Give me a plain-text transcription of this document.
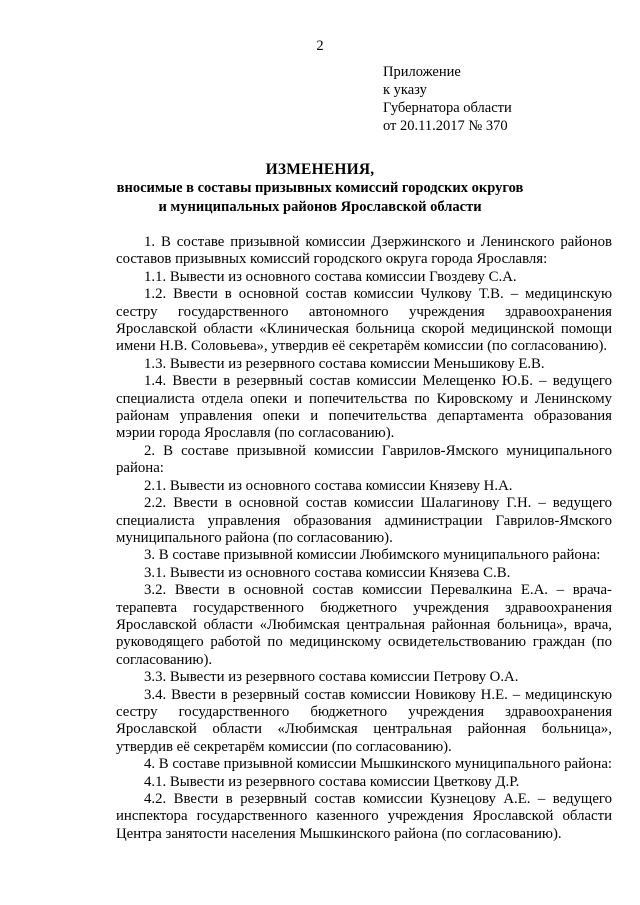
2
Приложение
к указу
Губернатора области
от 20.11.2017 № 370
ИЗМЕНЕНИЯ,
вносимые в составы призывных комиссий городских округов
и муниципальных районов Ярославской области

1. В составе призывной комиссии Дзержинского и Ленинского районов составов призывных комиссий городского округа города Ярославля:

1.1. Вывести из основного состава комиссии Гвоздеву С.А.

1.2. Ввести в основной состав комиссии Чулкову Т.В. – медицинскую сестру государственного автономного учреждения здравоохранения Ярославской области «Клиническая больница скорой медицинской помощи имени Н.В. Соловьева», утвердив её секретарём комиссии (по согласованию).

1.3. Вывести из резервного состава комиссии Меньшикову Е.В.

1.4. Ввести в резервный состав комиссии Мелещенко Ю.Б. – ведущего специалиста отдела опеки и попечительства по Кировскому и Ленинскому районам управления опеки и попечительства департамента образования мэрии города Ярославля (по согласованию).

2. В составе призывной комиссии Гаврилов-Ямского муниципального района:

2.1. Вывести из основного состава комиссии Князеву Н.А.

2.2. Ввести в основной состав комиссии Шалагинову Г.Н. – ведущего специалиста управления образования администрации Гаврилов-Ямского муниципального района (по согласованию).

3. В составе призывной комиссии Любимского муниципального района:

3.1. Вывести из основного состава комиссии Князева С.В.

3.2. Ввести в основной состав комиссии Перевалкина Е.А. – врача-терапевта государственного бюджетного учреждения здравоохранения Ярославской области «Любимская центральная районная больница», врача, руководящего работой по медицинскому освидетельствованию граждан (по согласованию).

3.3. Вывести из резервного состава комиссии Петрову О.А.

3.4. Ввести в резервный состав комиссии Новикову Н.Е. – медицинскую сестру государственного бюджетного учреждения здравоохранения Ярославской области «Любимская центральная районная больница», утвердив её секретарём комиссии (по согласованию).

4. В составе призывной комиссии Мышкинского муниципального района:

4.1. Вывести из резервного состава комиссии Цветкову Д.Р.

4.2. Ввести в резервный состав комиссии Кузнецову А.Е. – ведущего инспектора государственного казенного учреждения Ярославской области Центра занятости населения Мышкинского района (по согласованию).
